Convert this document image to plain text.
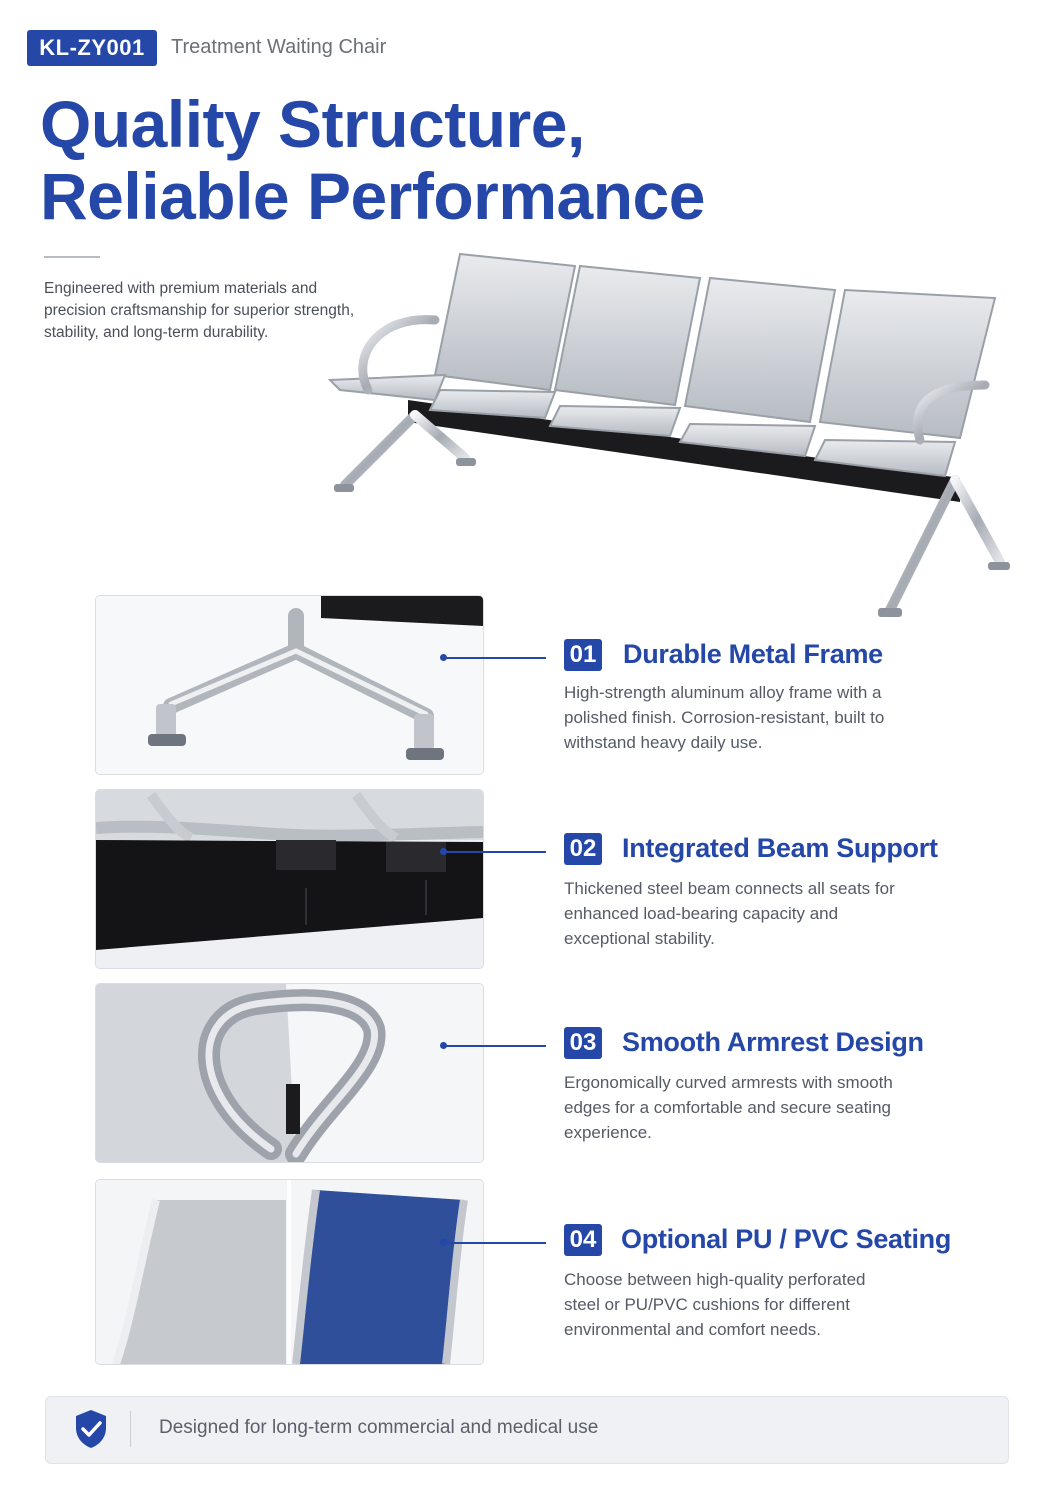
KL-ZY001	Treatment Waiting Chair
Quality Structure,
Reliable Performance
Engineered with premium materials and precision craftsmanship for superior strength, stability, and long-term durability.
01 Durable Metal Frame
High-strength aluminum alloy frame with a polished finish. Corrosion-resistant, built to withstand heavy daily use.
02 Integrated Beam Support
Thickened steel beam connects all seats for enhanced load-bearing capacity and exceptional stability.
03 Smooth Armrest Design
Ergonomically curved armrests with smooth edges for a comfortable and secure seating experience.
04 Optional PU / PVC Seating
Choose between high-quality perforated steel or PU/PVC cushions for different environmental and comfort needs.
Designed for long-term commercial and medical use
